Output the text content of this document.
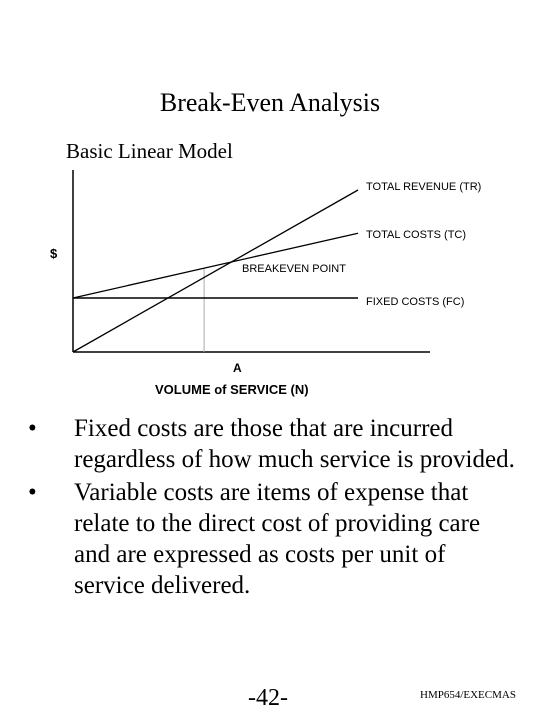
Break-Even Analysis
Basic Linear Model
TOTAL REVENUE (TR)
TOTAL COSTS (TC)
FIXED COSTS (FC)
BREAKEVEN POINT
$
A
VOLUME of SERVICE (N)
•	Fixed costs are those that are incurred regardless of how much service is provided.
•	Variable costs are items of expense that relate to the direct cost of providing care and are expressed as costs per unit of service delivered.
-42-	HMP654/EXECMAS
